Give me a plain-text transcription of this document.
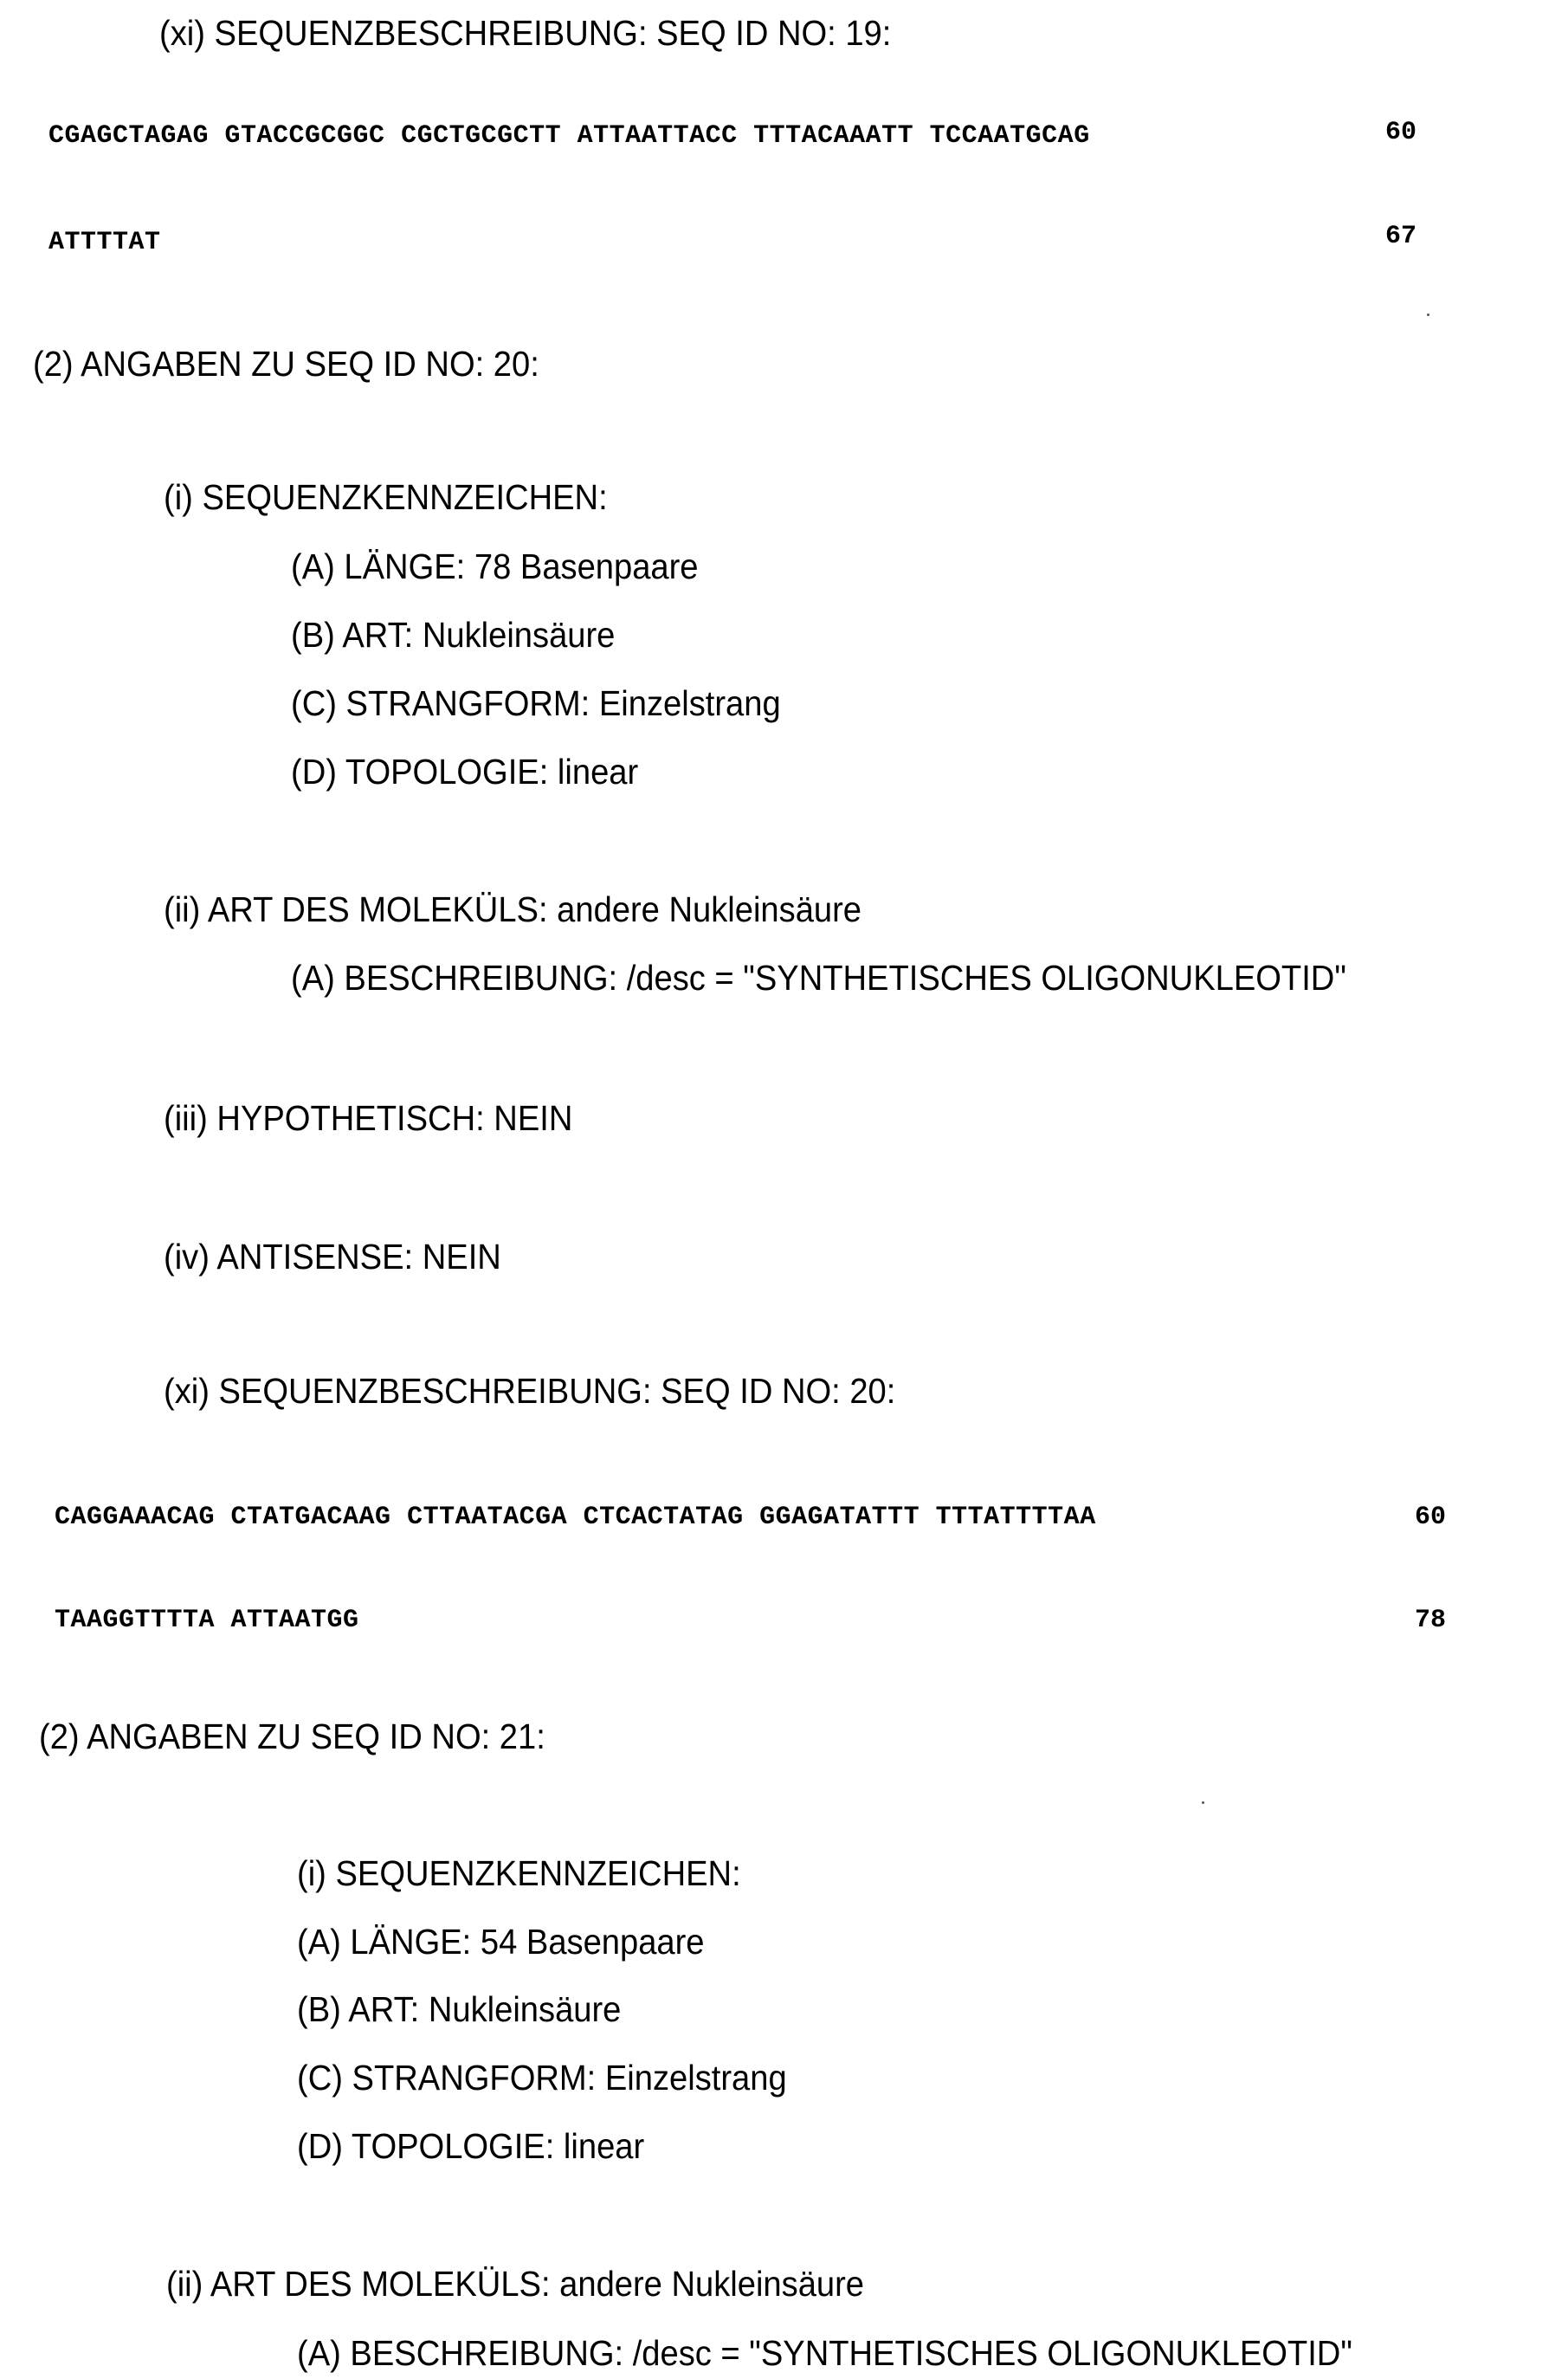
(xi) SEQUENZBESCHREIBUNG: SEQ ID NO: 19:
CGAGCTAGAG GTACCGCGGC CGCTGCGCTT ATTAATTACC TTTACAAATT TCCAATGCAG	60
ATTTTAT	67
(2) ANGABEN ZU SEQ ID NO: 20:
(i) SEQUENZKENNZEICHEN:
(A) LÄNGE: 78 Basenpaare
(B) ART: Nukleinsäure
(C) STRANGFORM: Einzelstrang
(D) TOPOLOGIE: linear
(ii) ART DES MOLEKÜLS: andere Nukleinsäure
(A) BESCHREIBUNG: /desc = "SYNTHETISCHES OLIGONUKLEOTID"
(iii) HYPOTHETISCH: NEIN
(iv) ANTISENSE: NEIN
(xi) SEQUENZBESCHREIBUNG: SEQ ID NO: 20:
CAGGAAACAG CTATGACAAG CTTAATACGA CTCACTATAG GGAGATATTT TTTATTTTAA	60
TAAGGTTTTA ATTAATGG	78
(2) ANGABEN ZU SEQ ID NO: 21:
(i) SEQUENZKENNZEICHEN:
(A) LÄNGE: 54 Basenpaare
(B) ART: Nukleinsäure
(C) STRANGFORM: Einzelstrang
(D) TOPOLOGIE: linear
(ii) ART DES MOLEKÜLS: andere Nukleinsäure
(A) BESCHREIBUNG: /desc = "SYNTHETISCHES OLIGONUKLEOTID"
